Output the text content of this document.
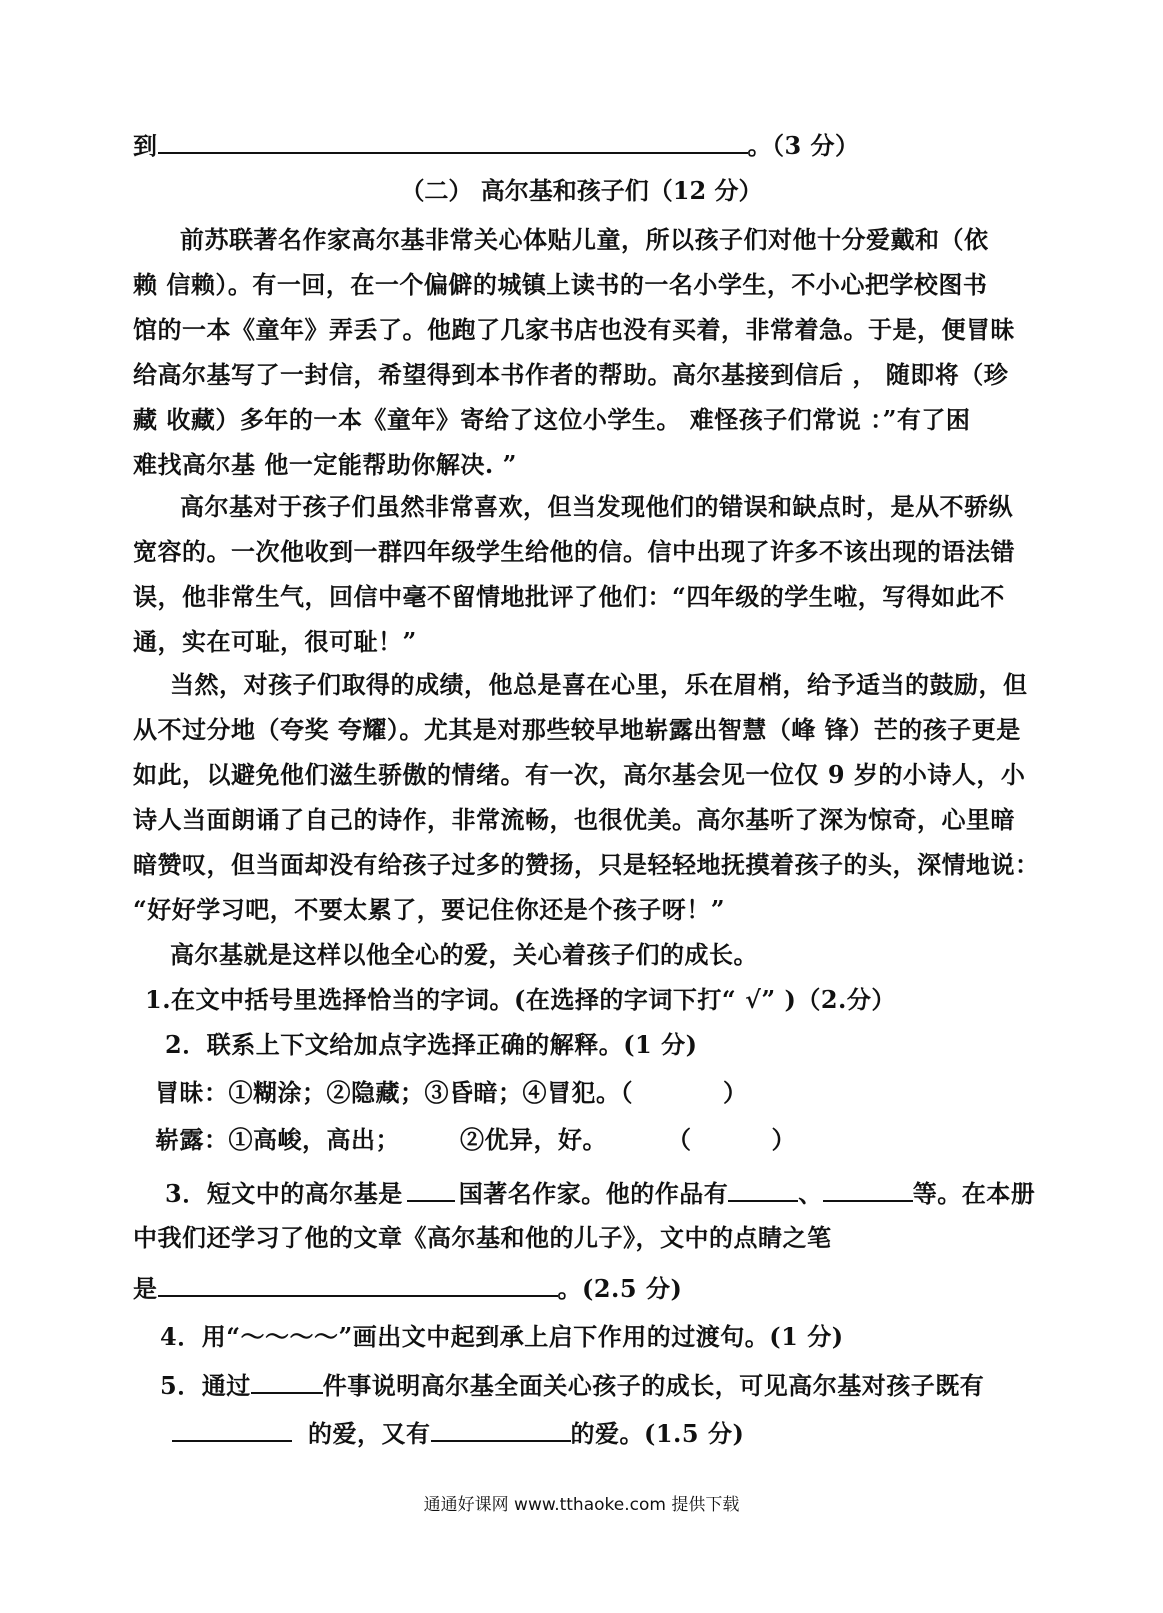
到	。（3 分）
（二） 高尔基和孩子们（12 分）
前苏联著名作家高尔基非常关心体贴儿童，所以孩子们对他十分爱戴和（依
赖 信赖）。有一回，在一个偏僻的城镇上读书的一名小学生，不小心把学校图书
馆的一本《童年》弄丢了。他跑了几家书店也没有买着，非常着急。于是，便冒昧
给高尔基写了一封信，希望得到本书作者的帮助。高尔基接到信后 ， 随即将（珍
藏 收藏）多年的一本《童年》寄给了这位小学生。 难怪孩子们常说 ：”有了困
难找高尔基 他一定能帮助你解决. ”
高尔基对于孩子们虽然非常喜欢，但当发现他们的错误和缺点时，是从不骄纵
宽容的。一次他收到一群四年级学生给他的信。信中出现了许多不该出现的语法错
误，他非常生气，回信中毫不留情地批评了他们：“四年级的学生啦，写得如此不
通，实在可耻，很可耻！”
当然，对孩子们取得的成绩，他总是喜在心里，乐在眉梢，给予适当的鼓励，但
从不过分地（夸奖 夸耀）。尤其是对那些较早地崭露出智慧（峰 锋）芒的孩子更是
如此，以避免他们滋生骄傲的情绪。有一次，高尔基会见一位仅 9 岁的小诗人，小
诗人当面朗诵了自己的诗作，非常流畅，也很优美。高尔基听了深为惊奇，心里暗
暗赞叹，但当面却没有给孩子过多的赞扬，只是轻轻地抚摸着孩子的头，深情地说：
“好好学习吧，不要太累了，要记住你还是个孩子呀！”
高尔基就是这样以他全心的爱，关心着孩子们的成长。
1.在文中括号里选择恰当的字词。(在选择的字词下打“ √” )（2.分）
2．联系上下文给加点字选择正确的解释。(1 分)
冒昧：①糊涂；②隐藏；③昏暗；④冒犯。（	）
崭露：①高峻，高出；	②优异，好。	（	）
3．短文中的高尔基是 国著名作家。他的作品有	、	等。在本册
中我们还学习了他的文章《高尔基和他的儿子》，文中的点睛之笔
是	。(2.5 分)
4．用“～～～～”画出文中起到承上启下作用的过渡句。(1 分)
5．通过	件事说明高尔基全面关心孩子的成长，可见高尔基对孩子既有
的爱，又有	的爱。(1.5 分)
通通好课网 www.tthaoke.com 提供下载
